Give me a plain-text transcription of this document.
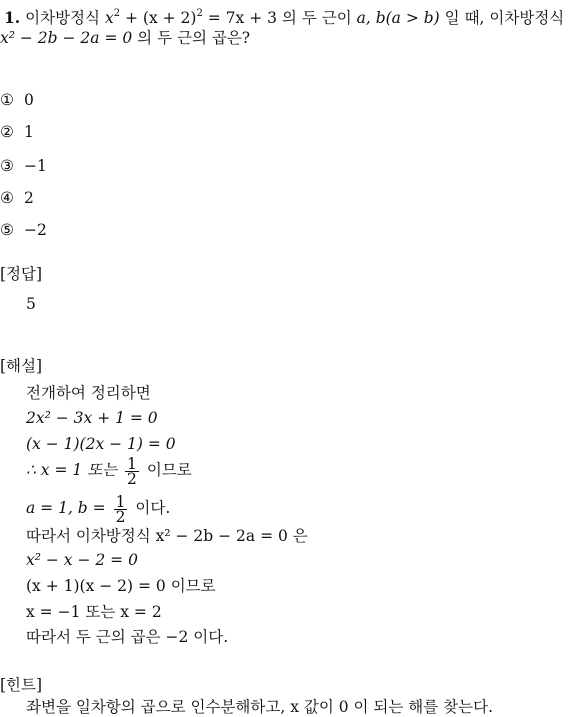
1. 이차방정식 $x^2 + (x + 2)^2 = 7x + 3$ 의 두 근이 a, b(a > b) 일 때, 이차방정식
x² − 2b − 2a = 0 의 두 근의 곱은?
① 0
② 1
③ −1
④ 2
⑤ −2
[정답]
5
[해설]
전개하여 정리하면
2x² − 3x + 1 = 0
(x − 1)(2x − 1) = 0
∴ x = 1 또는 $\frac{1}{2}$ 이므로
a = 1, $b = \frac{1}{2}$ 이다.
따라서 이차방정식 x² − 2b − 2a = 0 은
x² − x − 2 = 0
(x + 1)(x − 2) = 0 이므로
x = −1 또는 x = 2
따라서 두 근의 곱은 −2 이다.
[힌트]
좌변을 일차항의 곱으로 인수분해하고, x 값이 0 이 되는 해를 찾는다.
